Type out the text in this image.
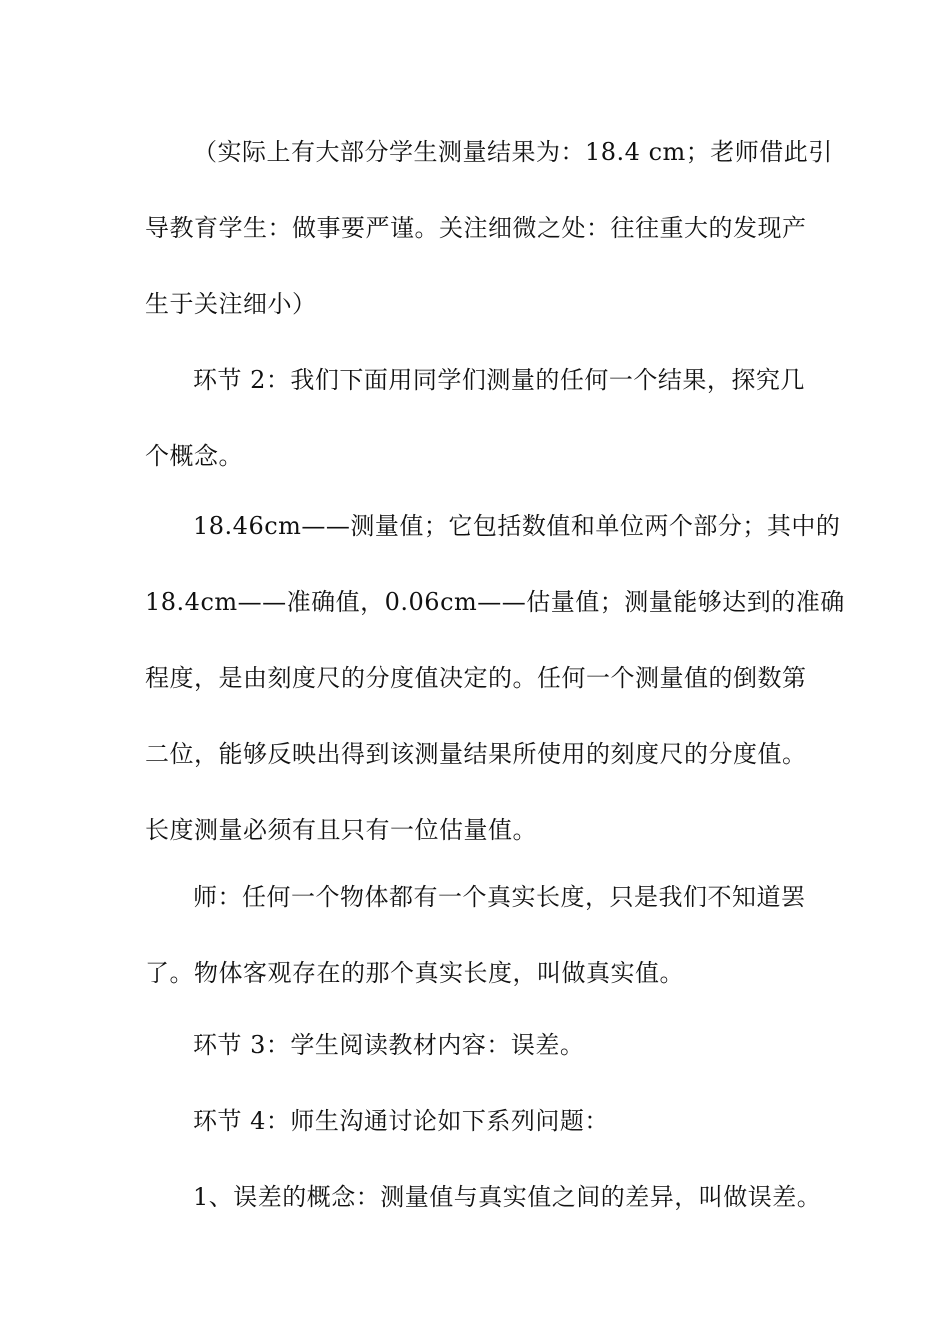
（实际上有大部分学生测量结果为：18.4 cm；老师借此引
导教育学生：做事要严谨。关注细微之处：往往重大的发现产
生于关注细小）
环节 2：我们下面用同学们测量的任何一个结果，探究几
个概念。
18.46cm——测量值；它包括数值和单位两个部分；其中的
18.4cm——准确值，0.06cm——估量值；测量能够达到的准确
程度，是由刻度尺的分度值决定的。任何一个测量值的倒数第
二位，能够反映出得到该测量结果所使用的刻度尺的分度值。
长度测量必须有且只有一位估量值。
师：任何一个物体都有一个真实长度，只是我们不知道罢
了。物体客观存在的那个真实长度，叫做真实值。
环节 3：学生阅读教材内容：误差。
环节 4：师生沟通讨论如下系列问题：
1、误差的概念：测量值与真实值之间的差异，叫做误差。
